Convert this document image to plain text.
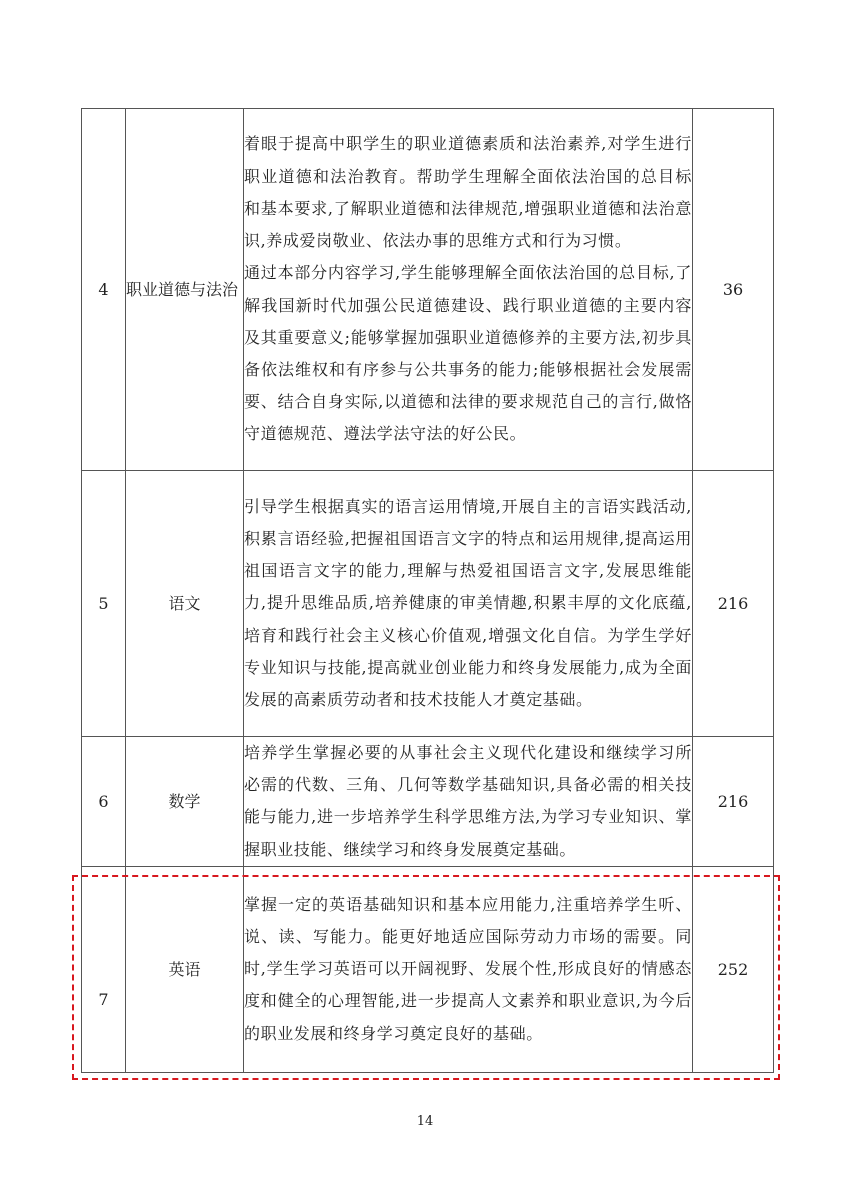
4	职业道德与法治	着眼于提高中职学生的职业道德素质和法治素养,对学生进行职业道德和法治教育。帮助学生理解全面依法治国的总目标和基本要求,了解职业道德和法律规范,增强职业道德和法治意识,养成爱岗敬业、依法办事的思维方式和行为习惯。
通过本部分内容学习,学生能够理解全面依法治国的总目标,了解我国新时代加强公民道德建设、践行职业道德的主要内容及其重要意义;能够掌握加强职业道德修养的主要方法,初步具备依法维权和有序参与公共事务的能力;能够根据社会发展需要、结合自身实际,以道德和法律的要求规范自己的言行,做恪守道德规范、遵法学法守法的好公民。	36
5	语文	引导学生根据真实的语言运用情境,开展自主的言语实践活动,积累言语经验,把握祖国语言文字的特点和运用规律,提高运用祖国语言文字的能力,理解与热爱祖国语言文字,发展思维能力,提升思维品质,培养健康的审美情趣,积累丰厚的文化底蕴,培育和践行社会主义核心价值观,增强文化自信。为学生学好专业知识与技能,提高就业创业能力和终身发展能力,成为全面发展的高素质劳动者和技术技能人才奠定基础。	216
6	数学	培养学生掌握必要的从事社会主义现代化建设和继续学习所必需的代数、三角、几何等数学基础知识,具备必需的相关技能与能力,进一步培养学生科学思维方法,为学习专业知识、掌握职业技能、继续学习和终身发展奠定基础。	216
7	英语	掌握一定的英语基础知识和基本应用能力,注重培养学生听、说、读、写能力。能更好地适应国际劳动力市场的需要。同时,学生学习英语可以开阔视野、发展个性,形成良好的情感态度和健全的心理智能,进一步提高人文素养和职业意识,为今后的职业发展和终身学习奠定良好的基础。	252
14
